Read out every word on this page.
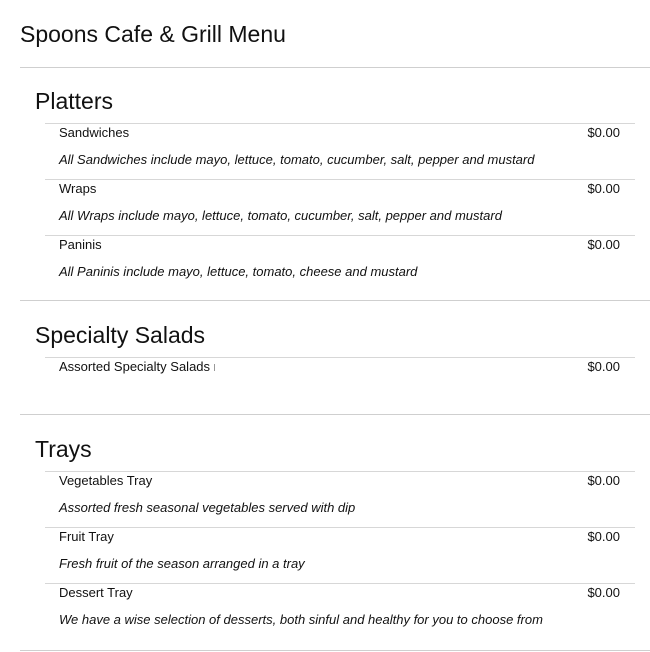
Spoons Cafe & Grill Menu
Platters
Sandwiches	$0.00
All Sandwiches include mayo, lettuce, tomato, cucumber, salt, pepper and mustard
Wraps	$0.00
All Wraps include mayo, lettuce, tomato, cucumber, salt, pepper and mustard
Paninis	$0.00
All Paninis include mayo, lettuce, tomato, cheese and mustard
Specialty Salads
Assorted Specialty Salads	$0.00
Trays
Vegetables Tray	$0.00
Assorted fresh seasonal vegetables served with dip
Fruit Tray	$0.00
Fresh fruit of the season arranged in a tray
Dessert Tray	$0.00
We have a wise selection of desserts, both sinful and healthy for you to choose from
